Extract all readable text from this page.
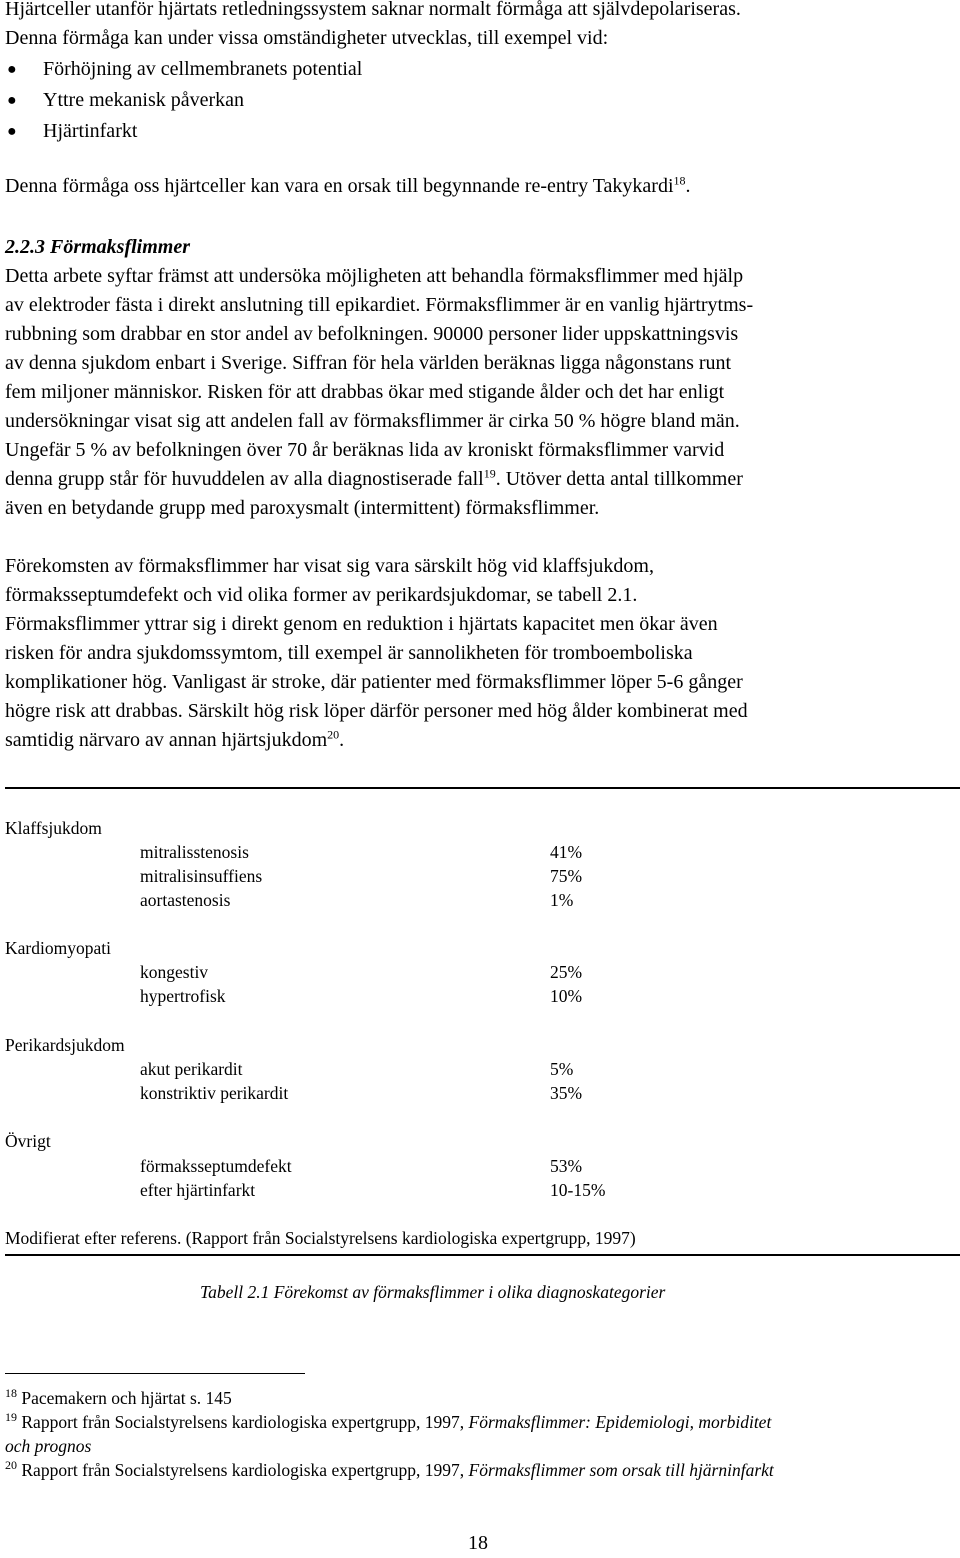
Hjärtceller utanför hjärtats retledningssystem saknar normalt förmåga att självdepolariseras.
Denna förmåga kan under vissa omständigheter utvecklas, till exempel vid:
● Förhöjning av cellmembranets potential
● Yttre mekanisk påverkan
● Hjärtinfarkt
Denna förmåga oss hjärtceller kan vara en orsak till begynnande re-entry Takykardi$^{18}$.
2.2.3 Förmaksflimmer
Detta arbete syftar främst att undersöka möjligheten att behandla förmaksflimmer med hjälp
av elektroder fästa i direkt anslutning till epikardiet. Förmaksflimmer är en vanlig hjärtrytms-
rubbning som drabbar en stor andel av befolkningen. 90000 personer lider uppskattningsvis
av denna sjukdom enbart i Sverige. Siffran för hela världen beräknas ligga någonstans runt
fem miljoner människor. Risken för att drabbas ökar med stigande ålder och det har enligt
undersökningar visat sig att andelen fall av förmaksflimmer är cirka 50 % högre bland män.
Ungefär 5 % av befolkningen över 70 år beräknas lida av kroniskt förmaksflimmer varvid
denna grupp står för huvuddelen av alla diagnostiserade fall$^{19}$. Utöver detta antal tillkommer
även en betydande grupp med paroxysmalt (intermittent) förmaksflimmer.
Förekomsten av förmaksflimmer har visat sig vara särskilt hög vid klaffsjukdom,
förmaksseptumdefekt och vid olika former av perikardsjukdomar, se tabell 2.1.
Förmaksflimmer yttrar sig i direkt genom en reduktion i hjärtats kapacitet men ökar även
risken för andra sjukdomssymtom, till exempel är sannolikheten för tromboemboliska
komplikationer hög. Vanligast är stroke, där patienter med förmaksflimmer löper 5-6 gånger
högre risk att drabbas. Särskilt hög risk löper därför personer med hög ålder kombinerat med
samtidig närvaro av annan hjärtsjukdom$^{20}$.
Klaffsjukdom
mitralisstenosis	41%
mitralisinsuffiens	75%
aortastenosis	1%
Kardiomyopati
kongestiv	25%
hypertrofisk	10%
Perikardsjukdom
akut perikardit	5%
konstriktiv perikardit	35%
Övrigt
förmaksseptumdefekt	53%
efter hjärtinfarkt	10-15%
Modifierat efter referens. (Rapport från Socialstyrelsens kardiologiska expertgrupp, 1997)
Tabell 2.1 Förekomst av förmaksflimmer i olika diagnoskategorier
$^{18}$ Pacemakern och hjärtat s. 145
$^{19}$ Rapport från Socialstyrelsens kardiologiska expertgrupp, 1997, Förmaksflimmer: Epidemiologi, morbiditet
och prognos
$^{20}$ Rapport från Socialstyrelsens kardiologiska expertgrupp, 1997, Förmaksflimmer som orsak till hjärninfarkt
18
